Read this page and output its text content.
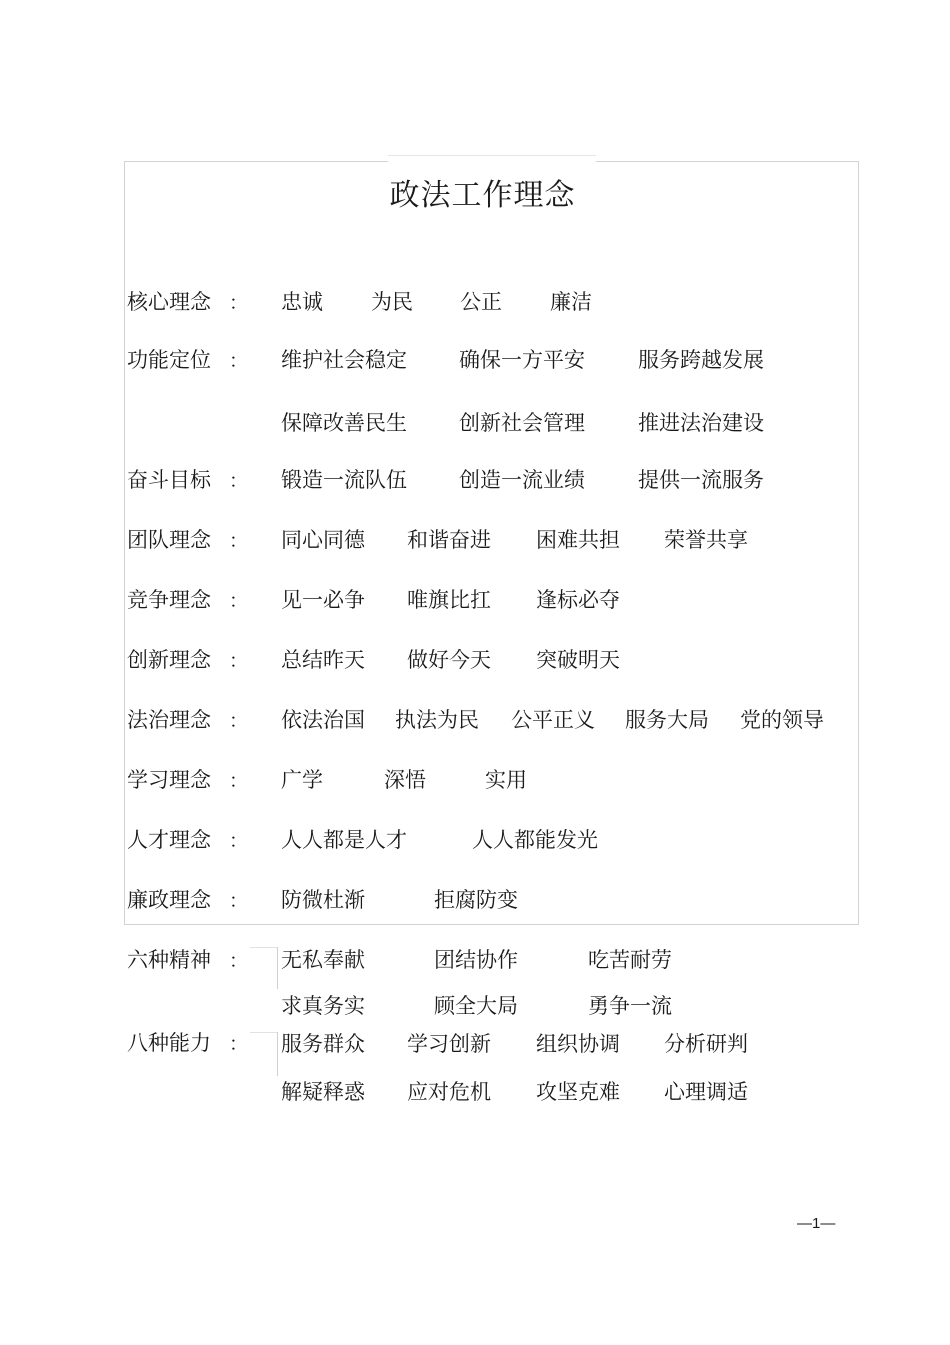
政法工作理念
核心理念 ： 忠诚 为民 公正 廉洁
功能定位 ： 维护社会稳定 确保一方平安	服务跨越发展
保障改善民生 创新社会管理	推进法治建设
奋斗目标 ： 锻造一流队伍 创造一流业绩	提供一流服务
团队理念 ： 同心同德 和谐奋进 困难共担 荣誉共享
竞争理念 ： 见一必争 唯旗比扛 逢标必夺
创新理念 ： 总结昨天 做好今天 突破明天
法治理念 ： 依法治国 执法为民 公平正义 服务大局 党的领导
学习理念 ： 广学	深悟	实用
人才理念 ： 人人都是人才	人人都能发光
廉政理念 ： 防微杜渐	拒腐防变
六种精神 ： 无私奉献	团结协作	吃苦耐劳
求真务实	顾全大局	勇争一流
八种能力 ： 服务群众 学习创新 组织协调 分析研判
解疑释惑 应对危机 攻坚克难 心理调适
—1—
